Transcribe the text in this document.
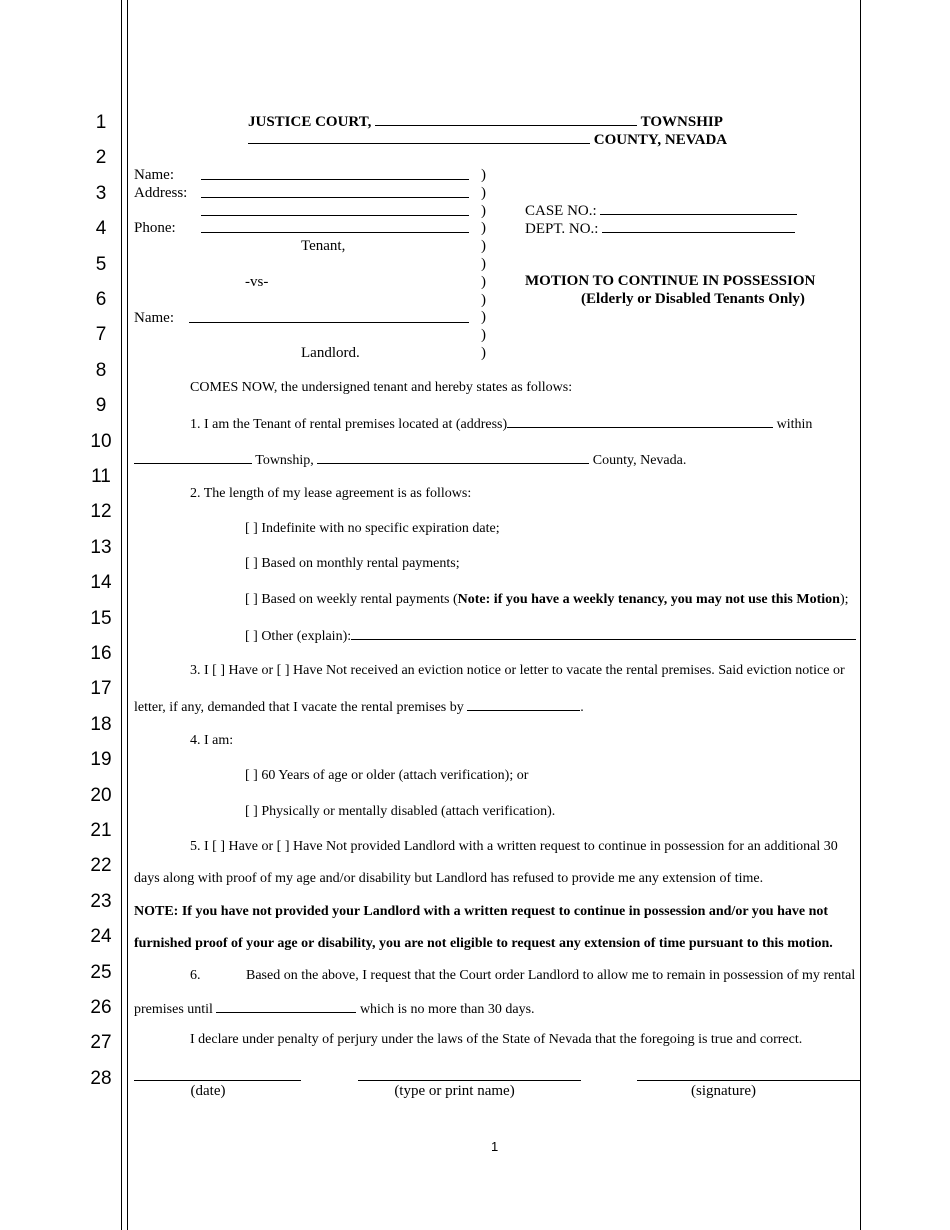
1
2
3
4
5
6
7
8
9
10
11
12
13
14
15
16
17
18
19
20
21
22
23
24
25
26
27
28
JUSTICE COURT,	TOWNSHIP
COUNTY, NEVADA
Name:
Address:
Phone:
Tenant,
-vs-
Name:
Landlord.
)
)
)
)
)
)
)
)
)
)
)
CASE NO.:
DEPT. NO.:
MOTION TO CONTINUE IN POSSESSION
(Elderly or Disabled Tenants Only)
COMES NOW, the undersigned tenant and hereby states as follows:
1. I am the Tenant of rental premises located at (address)	within
Township,	County, Nevada.
2. The length of my lease agreement is as follows:
[ ] Indefinite with no specific expiration date;
[ ] Based on monthly rental payments;
[ ] Based on weekly rental payments (Note: if you have a weekly tenancy, you may not use this Motion);
[ ] Other (explain):
3. I [ ] Have or [ ] Have Not received an eviction notice or letter to vacate the rental premises. Said eviction notice or
letter, if any, demanded that I vacate the rental premises by	.
4. I am:
[ ] 60 Years of age or older (attach verification); or
[ ] Physically or mentally disabled (attach verification).
5. I [ ] Have or [ ] Have Not provided Landlord with a written request to continue in possession for an additional 30
days along with proof of my age and/or disability but Landlord has refused to provide me any extension of time.
NOTE: If you have not provided your Landlord with a written request to continue in possession and/or you have not
furnished proof of your age or disability, you are not eligible to request any extension of time pursuant to this motion.
6.	Based on the above, I request that the Court order Landlord to allow me to remain in possession of my rental
premises until	which is no more than 30 days.
I declare under penalty of perjury under the laws of the State of Nevada that the foregoing is true and correct.
(date)	(type or print name)	(signature)
1
